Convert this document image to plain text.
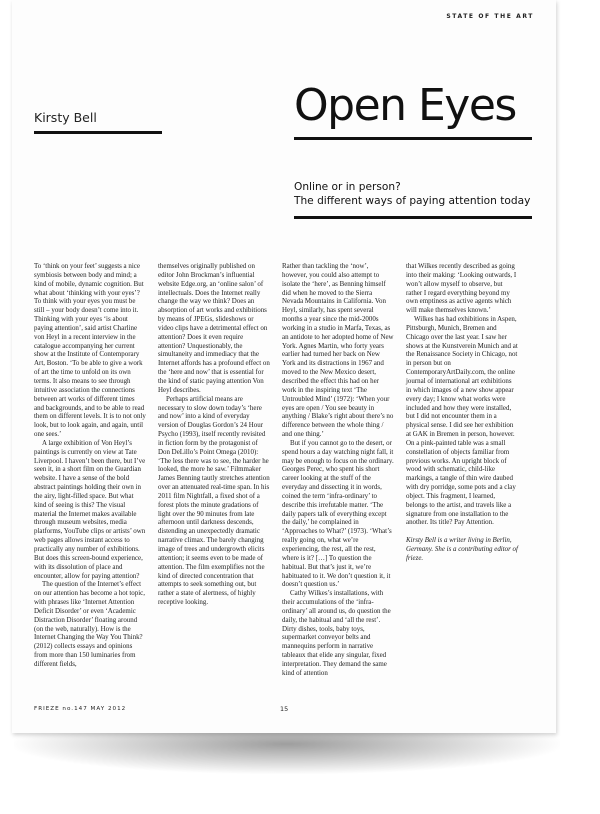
STATE OF THE ART
Kirsty Bell	Open Eyes
Online or in person?
The different ways of paying attention today

To ‘think on your feet’ suggests a nice symbiosis between body and mind; a kind of mobile, dynamic cognition. But what about ‘thinking with your eyes’? To think with your eyes you must be still – your body doesn’t come into it. Thinking with your eyes ‘is about paying attention’, said artist Charline von Heyl in a recent interview in the catalogue accompanying her current show at the Institute of Contemporary Art, Boston. ‘To be able to give a work of art the time to unfold on its own terms. It also means to see through intuitive association the connections between art works of different times and backgrounds, and to be able to read them on different levels. It is to not only look, but to look again, and again, until one sees.’

A large exhibition of Von Heyl’s paintings is currently on view at Tate Liverpool. I haven’t been there, but I’ve seen it, in a short film on the Guardian website. I have a sense of the bold abstract paintings holding their own in the airy, light-filled space. But what kind of seeing is this? The visual material the Internet makes available through museum websites, media platforms, YouTube clips or artists’ own web pages allows instant access to practically any number of exhibitions. But does this screen-bound experience, with its dissolution of place and encounter, allow for paying attention?

The question of the Internet’s effect on our attention has become a hot topic, with phrases like ‘Internet Attention Deficit Disorder’ or even ‘Academic Distraction Disorder’ floating around (on the web, naturally). How is the Internet Changing the Way You Think? (2012) collects essays and opinions from more than 150 luminaries from different fields,

themselves originally published on editor John Brockman’s influential website Edge.org, an ‘online salon’ of intellectuals. Does the Internet really change the way we think? Does an absorption of art works and exhibitions by means of JPEGs, slideshows or video clips have a detrimental effect on attention? Does it even require attention? Unquestionably, the simultaneity and immediacy that the Internet affords has a profound effect on the ‘here and now’ that is essential for the kind of static paying attention Von Heyl describes.

Perhaps artificial means are necessary to slow down today’s ‘here and now’ into a kind of everyday version of Douglas Gordon’s 24 Hour Psycho (1993), itself recently revisited in fiction form by the protagonist of Don DeLillo’s Point Omega (2010): ‘The less there was to see, the harder he looked, the more he saw.’ Filmmaker James Benning tautly stretches attention over an attenuated real-time span. In his 2011 film Nightfall, a fixed shot of a forest plots the minute gradations of light over the 90 minutes from late afternoon until darkness descends, distending an unexpectedly dramatic narrative climax. The barely changing image of trees and undergrowth elicits attention; it seems even to be made of attention. The film exemplifies not the kind of directed concentration that attempts to seek something out, but rather a state of alertness, of highly receptive looking.

Rather than tackling the ‘now’, however, you could also attempt to isolate the ‘here’, as Benning himself did when he moved to the Sierra Nevada Mountains in California. Von Heyl, similarly, has spent several months a year since the mid-2000s working in a studio in Marfa, Texas, as an antidote to her adopted home of New York. Agnes Martin, who forty years earlier had turned her back on New York and its distractions in 1967 and moved to the New Mexico desert, described the effect this had on her work in the inspiring text ‘The Untroubled Mind’ (1972): ‘When your eyes are open / You see beauty in anything / Blake’s right about there’s no difference between the whole thing / and one thing.’

But if you cannot go to the desert, or spend hours a day watching night fall, it may be enough to focus on the ordinary. Georges Perec, who spent his short career looking at the stuff of the everyday and dissecting it in words, coined the term ‘infra-ordinary’ to describe this irrefutable matter. ‘The daily papers talk of everything except the daily,’ he complained in ‘Approaches to What?’ (1973). ‘What’s really going on, what we’re experiencing, the rest, all the rest, where is it? […] To question the habitual. But that’s just it, we’re habituated to it. We don’t question it, it doesn’t question us.’

Cathy Wilkes’s installations, with their accumulations of the ‘infra-ordinary’ all around us, do question the daily, the habitual and ‘all the rest’. Dirty dishes, tools, baby toys, supermarket conveyor belts and mannequins perform in narrative tableaux that elide any singular, fixed interpretation. They demand the same kind of attention

that Wilkes recently described as going into their making: ‘Looking outwards, I won’t allow myself to observe, but rather I regard everything beyond my own emptiness as active agents which will make themselves known.’

Wilkes has had exhibitions in Aspen, Pittsburgh, Munich, Bremen and Chicago over the last year. I saw her shows at the Kunstverein Munich and at the Renaissance Society in Chicago, not in person but on ContemporaryArtDaily.com, the online journal of international art exhibitions in which images of a new show appear every day; I know what works were included and how they were installed, but I did not encounter them in a physical sense. I did see her exhibition at GAK in Bremen in person, however. On a pink-painted table was a small constellation of objects familiar from previous works. An upright block of wood with schematic, child-like markings, a tangle of thin wire daubed with dry porridge, some pots and a clay object. This fragment, I learned, belongs to the artist, and travels like a signature from one installation to the another. Its title? Pay Attention.

Kirsty Bell is a writer living in Berlin, Germany. She is a contributing editor of frieze.

FRIEZE no.147 MAY 2012	15
